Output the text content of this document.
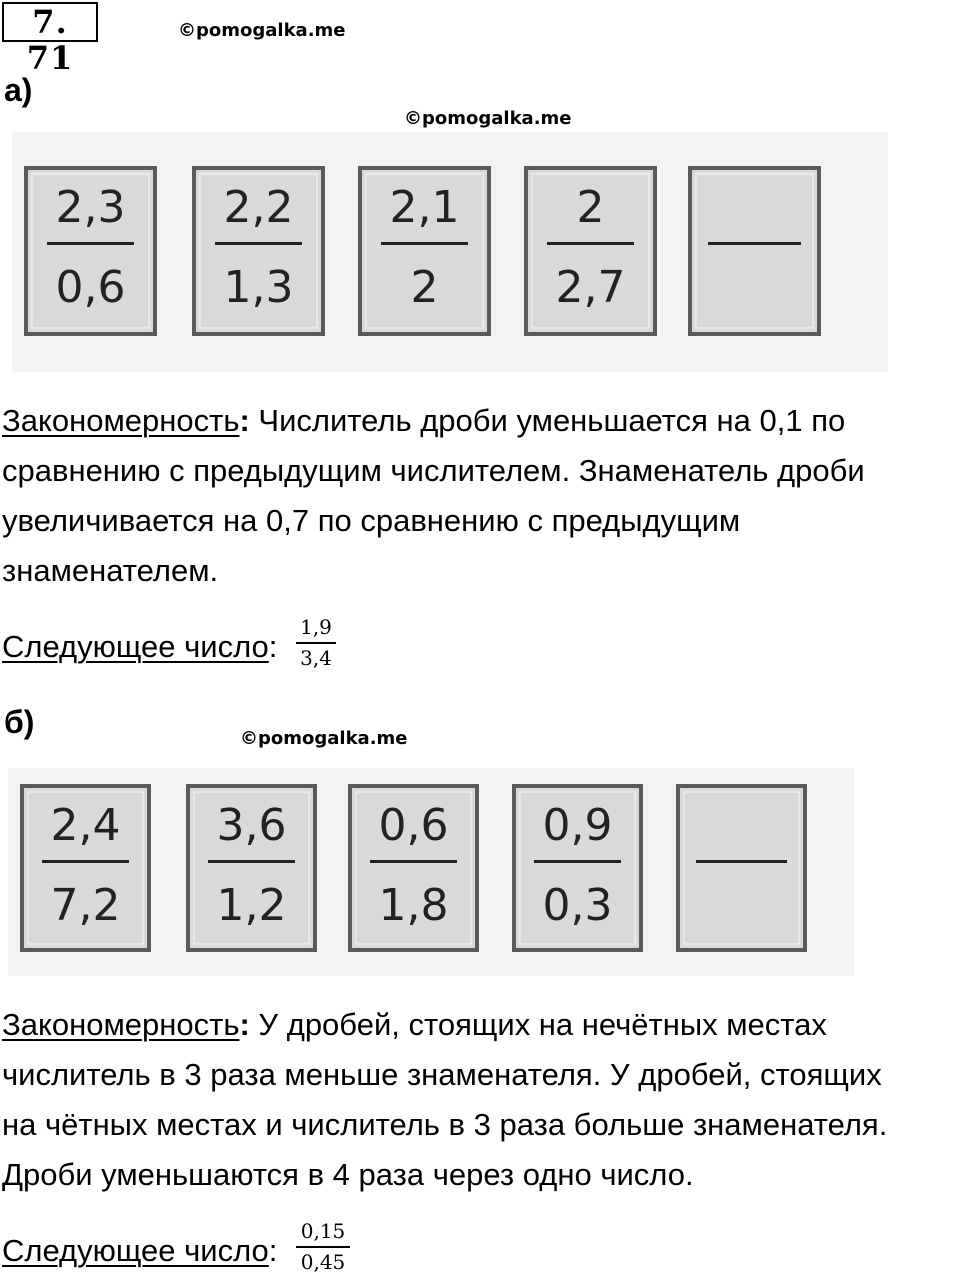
7. 71
©pomogalka.me
а)
©pomogalka.me
2,3
0,6
2,2
1,3
2,1
2
2
2,7
Закономерность: Числитель дроби уменьшается на 0,1 по
сравнению с предыдущим числителем. Знаменатель дроби
увеличивается на 0,7 по сравнению с предыдущим
знаменателем.
Следующее число:
1,9
3,4
б)	©pomogalka.me
2,4
7,2
3,6
1,2
0,6
1,8
0,9
0,3
Закономерность: У дробей, стоящих на нечётных местах
числитель в 3 раза меньше знаменателя. У дробей, стоящих
на чётных местах и числитель в 3 раза больше знаменателя.
Дроби уменьшаются в 4 раза через одно число.
Следующее число:
0,15
0,45
